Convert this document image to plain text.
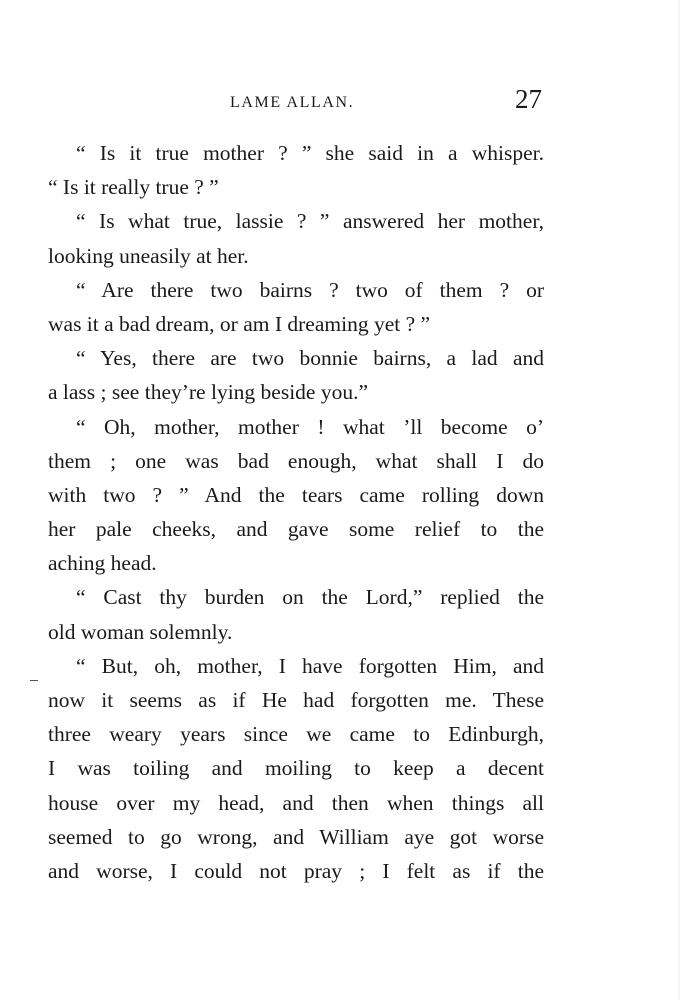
LAME ALLAN.	27
“ Is it true mother ? ” she said in a whisper.
“ Is it really true ? ”
“ Is what true, lassie ? ” answered her mother,
looking uneasily at her.
“ Are there two bairns ? two of them ? or
was it a bad dream, or am I dreaming yet ? ”
“ Yes, there are two bonnie bairns, a lad and
a lass ; see they’re lying beside you.”
“ Oh, mother, mother ! what ’ll become o’
them ; one was bad enough, what shall I do
with two ? ” And the tears came rolling down
her pale cheeks, and gave some relief to the
aching head.
“ Cast thy burden on the Lord,” replied the
old woman solemnly.
“ But, oh, mother, I have forgotten Him, and
now it seems as if He had forgotten me. These
three weary years since we came to Edinburgh,
I was toiling and moiling to keep a decent
house over my head, and then when things all
seemed to go wrong, and William aye got worse
and worse, I could not pray ; I felt as if the
